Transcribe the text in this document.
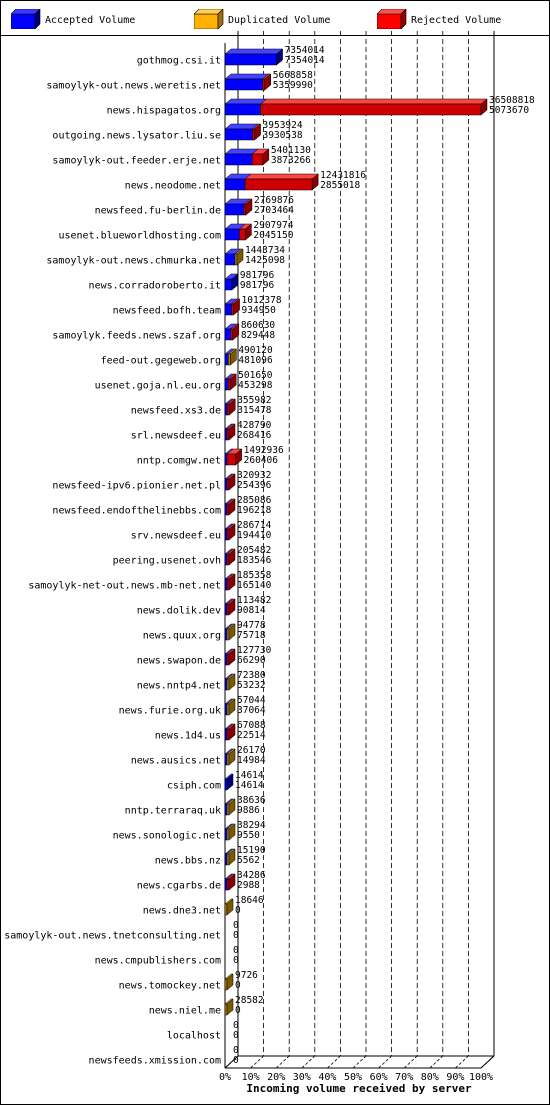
Accepted Volume	Duplicated Volume	Rejected Volume
0% 10% 20% 30% 40% 50% 60% 70% 80% 90% 100%
Incoming volume received by server
gothmog.csi.it
7354014
7354014
samoylyk-out.news.weretis.net
5668858
5359990
news.hispagatos.org
36508818
5073670
outgoing.news.lysator.liu.se
3953924
3930538
samoylyk-out.feeder.erje.net
5401130
3873266
news.neodome.net
12431816
2855018
newsfeed.fu-berlin.de
2769876
2703464
usenet.blueworldhosting.com
2907974
2045150
samoylyk-out.news.chmurka.net
1443734
1425098
news.corradoroberto.it
981796
981796
newsfeed.bofh.team
1012378
934950
samoylyk.feeds.news.szaf.org
860630
829448
feed-out.gegeweb.org
490120
481096
usenet.goja.nl.eu.org
501650
453298
newsfeed.xs3.de
355982
315478
srl.newsdeef.eu
428790
268416
nntp.comgw.net
1492936
260406
newsfeed-ipv6.pionier.net.pl
320932
254396
newsfeed.endofthelinebbs.com
285086
196218
srv.newsdeef.eu
286714
194410
peering.usenet.ovh
205482
183546
samoylyk-net-out.news.mb-net.net
185358
165140
news.dolik.dev
113482
90814
news.quux.org
94778
75718
news.swapon.de
127730
66290
news.nntp4.net
72380
53232
news.furie.org.uk
57044
37064
news.1d4.us
67088
22514
news.ausics.net
26170
14984
csiph.com
14614
14614
nntp.terraraq.uk
38636
9886
news.sonologic.net
38294
9550
news.bbs.nz
15190
5562
news.cgarbs.de
34286
2988
news.dne3.net
18646
0
samoylyk-out.news.tnetconsulting.net
0
0
news.cmpublishers.com
0
0
news.tomockey.net
9726
0
news.niel.me
28582
0
localhost
0
0
newsfeeds.xmission.com
0
0
